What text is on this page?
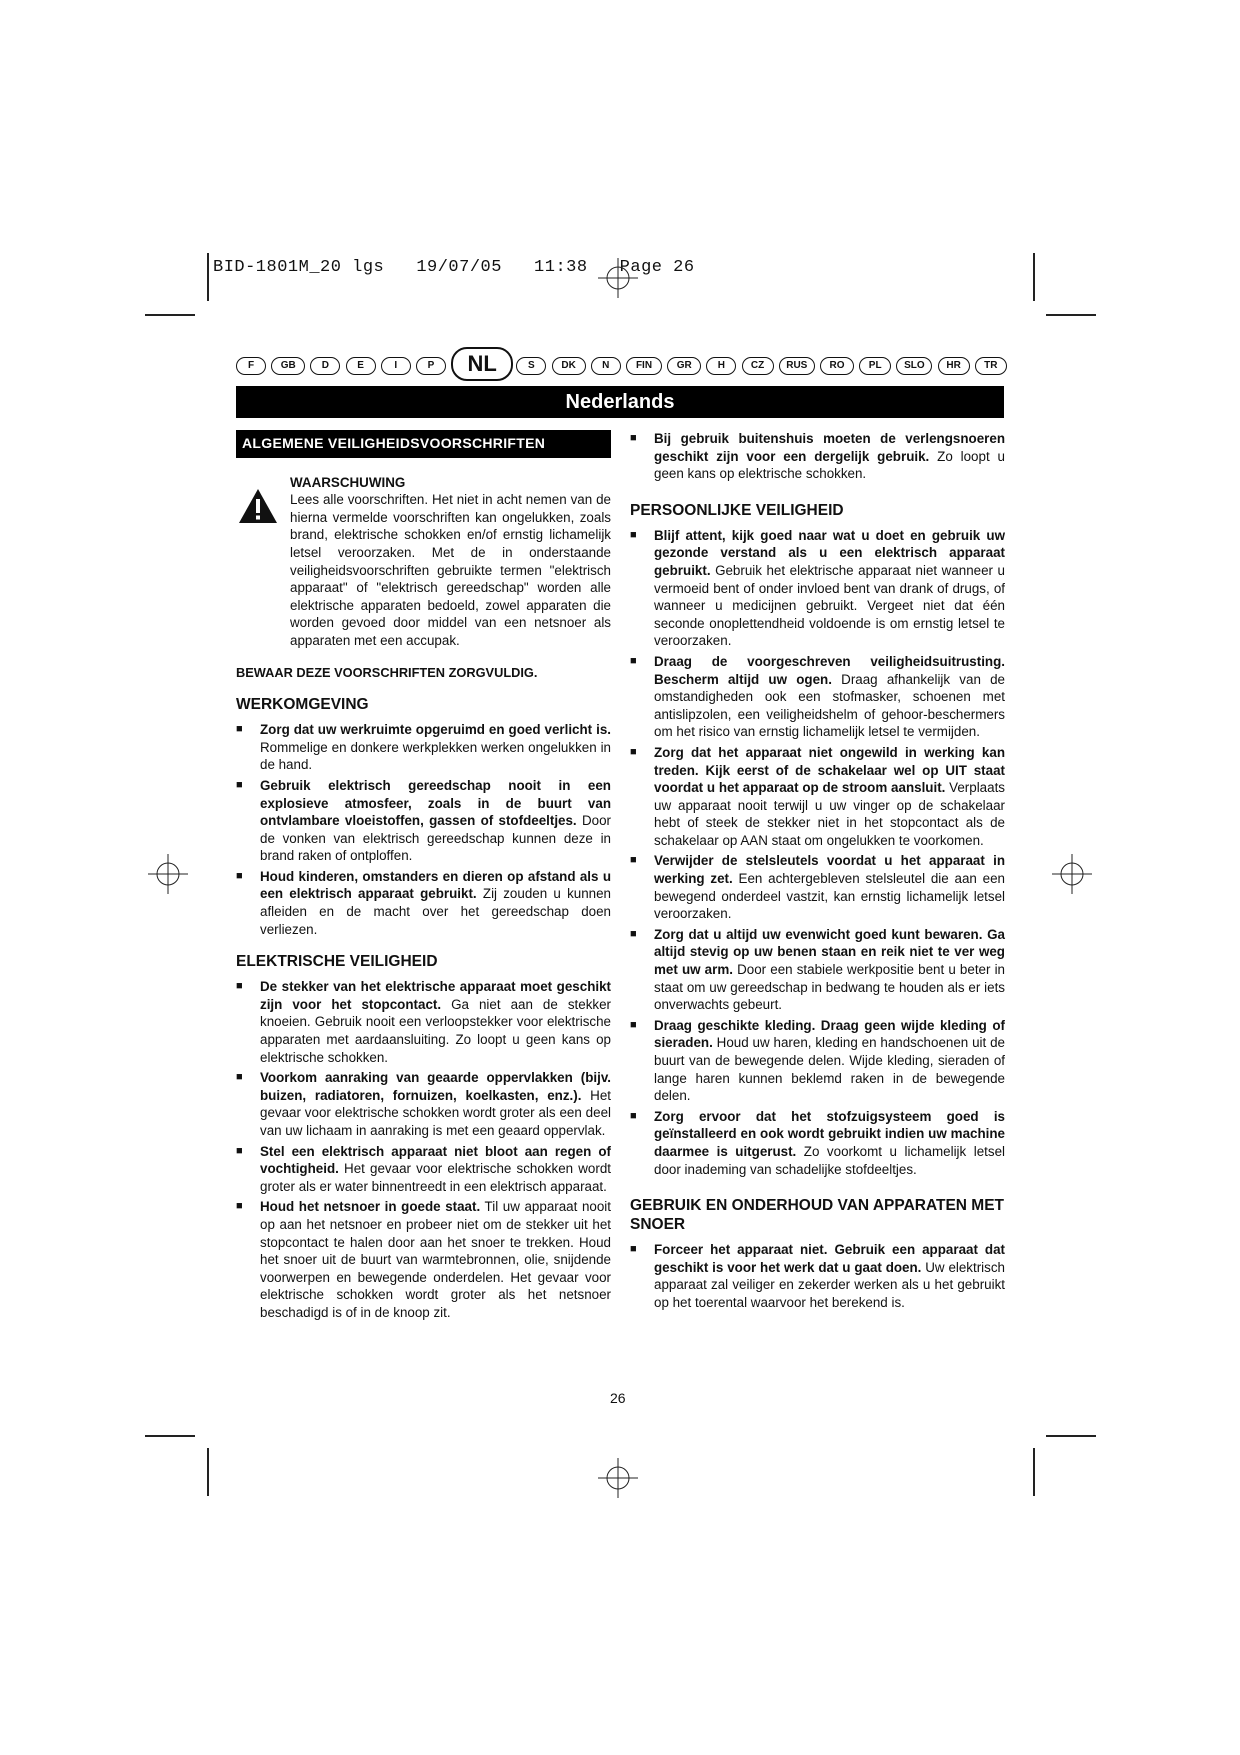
BID-1801M_20 lgs   19/07/05   11:38   Page 26
F	GB	D	E	I	P	NL	S	DK	N	FIN	GR	H	CZ	RUS	RO	PL	SLO	HR	TR
Nederlands
ALGEMENE VEILIGHEIDSVOORSCHRIFTEN
WAARSCHUWING
Lees alle voorschriften. Het niet in acht nemen van de hierna vermelde voorschriften kan ongelukken, zoals brand, elektrische schokken en/of ernstig lichamelijk letsel veroorzaken. Met de in onderstaande veiligheidsvoorschriften gebruikte termen "elektrisch apparaat" of "elektrisch gereedschap" worden alle elektrische apparaten bedoeld, zowel apparaten die worden gevoed door middel van een netsnoer als apparaten met een accupak.
BEWAAR DEZE VOORSCHRIFTEN ZORGVULDIG.
WERKOMGEVING
■ Zorg dat uw werkruimte opgeruimd en goed verlicht is. Rommelige en donkere werkplekken werken ongelukken in de hand.
■ Gebruik elektrisch gereedschap nooit in een explosieve atmosfeer, zoals in de buurt van ontvlambare vloeistoffen, gassen of stofdeeltjes. Door de vonken van elektrisch gereedschap kunnen deze in brand raken of ontploffen.
■ Houd kinderen, omstanders en dieren op afstand als u een elektrisch apparaat gebruikt. Zij zouden u kunnen afleiden en de macht over het gereedschap doen verliezen.
ELEKTRISCHE VEILIGHEID
■ De stekker van het elektrische apparaat moet geschikt zijn voor het stopcontact. Ga niet aan de stekker knoeien. Gebruik nooit een verloopstekker voor elektrische apparaten met aardaansluiting. Zo loopt u geen kans op elektrische schokken.
■ Voorkom aanraking van geaarde oppervlakken (bijv. buizen, radiatoren, fornuizen, koelkasten, enz.). Het gevaar voor elektrische schokken wordt groter als een deel van uw lichaam in aanraking is met een geaard oppervlak.
■ Stel een elektrisch apparaat niet bloot aan regen of vochtigheid. Het gevaar voor elektrische schokken wordt groter als er water binnentreedt in een elektrisch apparaat.
■ Houd het netsnoer in goede staat. Til uw apparaat nooit op aan het netsnoer en probeer niet om de stekker uit het stopcontact te halen door aan het snoer te trekken. Houd het snoer uit de buurt van warmtebronnen, olie, snijdende voorwerpen en bewegende onderdelen. Het gevaar voor elektrische schokken wordt groter als het netsnoer beschadigd is of in de knoop zit.
■ Bij gebruik buitenshuis moeten de verlengsnoeren geschikt zijn voor een dergelijk gebruik. Zo loopt u geen kans op elektrische schokken.
PERSOONLIJKE VEILIGHEID
■ Blijf attent, kijk goed naar wat u doet en gebruik uw gezonde verstand als u een elektrisch apparaat gebruikt. Gebruik het elektrische apparaat niet wanneer u vermoeid bent of onder invloed bent van drank of drugs, of wanneer u medicijnen gebruikt. Vergeet niet dat één seconde onoplettendheid voldoende is om ernstig letsel te veroorzaken.
■ Draag de voorgeschreven veiligheidsuitrusting. Bescherm altijd uw ogen. Draag afhankelijk van de omstandigheden ook een stofmasker, schoenen met antislipzolen, een veiligheidshelm of gehoor-beschermers om het risico van ernstig lichamelijk letsel te vermijden.
■ Zorg dat het apparaat niet ongewild in werking kan treden. Kijk eerst of de schakelaar wel op UIT staat voordat u het apparaat op de stroom aansluit. Verplaats uw apparaat nooit terwijl u uw vinger op de schakelaar hebt of steek de stekker niet in het stopcontact als de schakelaar op AAN staat om ongelukken te voorkomen.
■ Verwijder de stelsleutels voordat u het apparaat in werking zet. Een achtergebleven stelsleutel die aan een bewegend onderdeel vastzit, kan ernstig lichamelijk letsel veroorzaken.
■ Zorg dat u altijd uw evenwicht goed kunt bewaren. Ga altijd stevig op uw benen staan en reik niet te ver weg met uw arm. Door een stabiele werkpositie bent u beter in staat om uw gereedschap in bedwang te houden als er iets onverwachts gebeurt.
■ Draag geschikte kleding. Draag geen wijde kleding of sieraden. Houd uw haren, kleding en handschoenen uit de buurt van de bewegende delen. Wijde kleding, sieraden of lange haren kunnen beklemd raken in de bewegende delen.
■ Zorg ervoor dat het stofzuigsysteem goed is geïnstalleerd en ook wordt gebruikt indien uw machine daarmee is uitgerust. Zo voorkomt u lichamelijk letsel door inademing van schadelijke stofdeeltjes.
GEBRUIK EN ONDERHOUD VAN APPARATEN MET SNOER
■ Forceer het apparaat niet. Gebruik een apparaat dat geschikt is voor het werk dat u gaat doen. Uw elektrisch apparaat zal veiliger en zekerder werken als u het gebruikt op het toerental waarvoor het berekend is.
26
